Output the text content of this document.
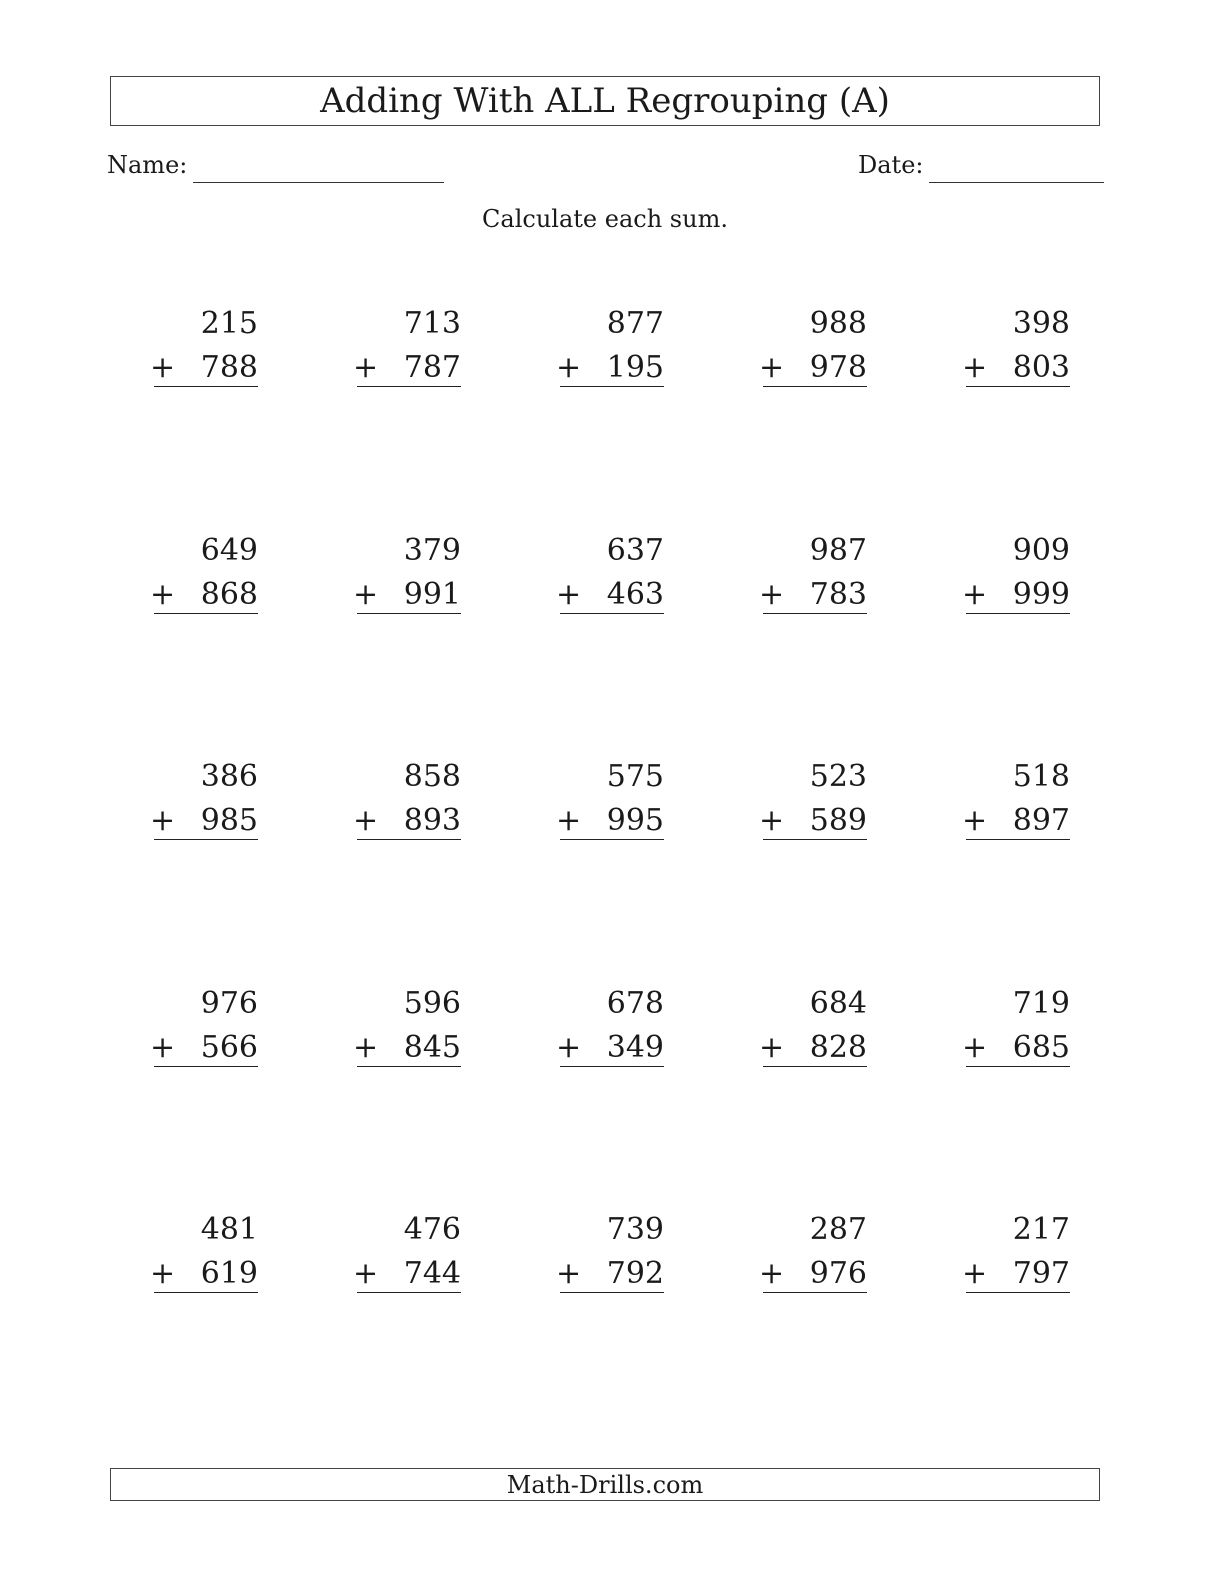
Adding With ALL Regrouping (A)
Name:	Date:
Calculate each sum.
215
+ 788
713
+ 787
877
+ 195
988
+ 978
398
+ 803
649
+ 868
379
+ 991
637
+ 463
987
+ 783
909
+ 999
386
+ 985
858
+ 893
575
+ 995
523
+ 589
518
+ 897
976
+ 566
596
+ 845
678
+ 349
684
+ 828
719
+ 685
481
+ 619
476
+ 744
739
+ 792
287
+ 976
217
+ 797
Math-Drills.com
